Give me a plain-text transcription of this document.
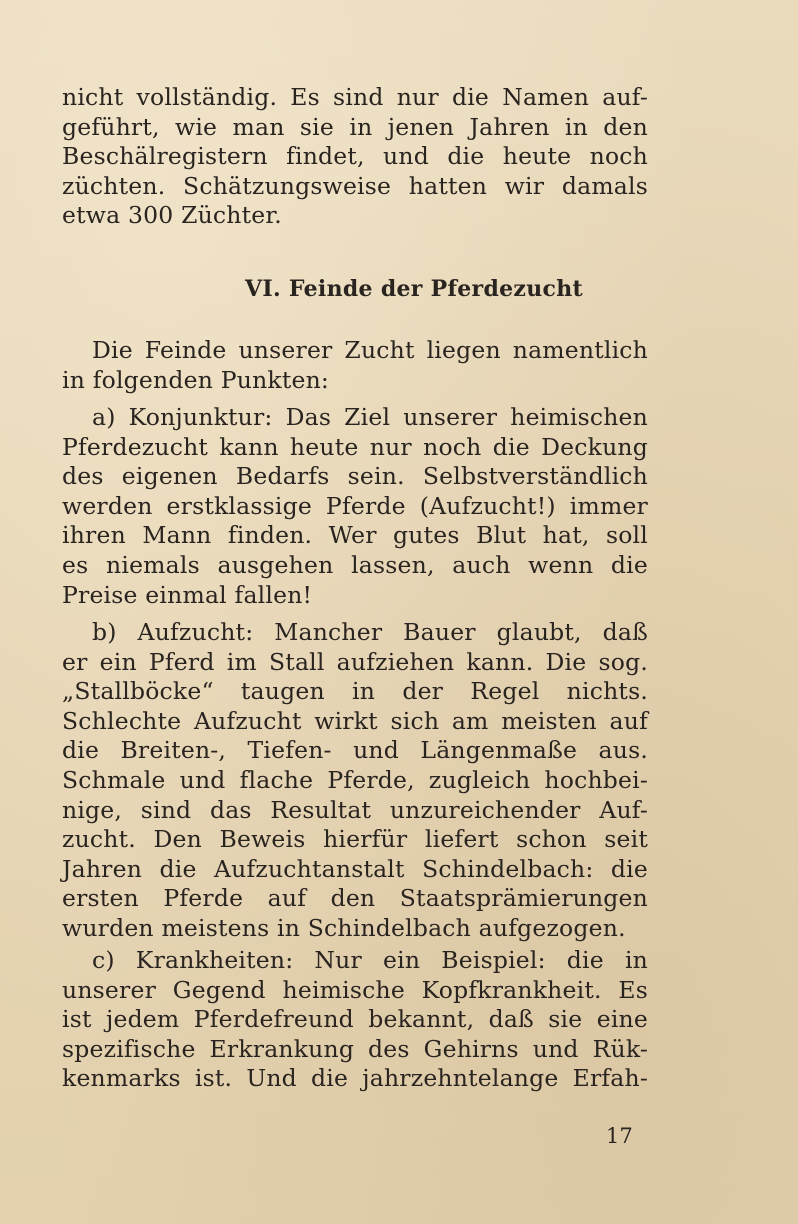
nicht vollständig. Es sind nur die Namen auf-
geführt, wie man sie in jenen Jahren in den
Beschälregistern findet, und die heute noch
züchten. Schätzungsweise hatten wir damals
etwa 300 Züchter.
VI. Feinde der Pferdezucht
Die Feinde unserer Zucht liegen namentlich
in folgenden Punkten:
a) Konjunktur: Das Ziel unserer heimischen
Pferdezucht kann heute nur noch die Deckung
des eigenen Bedarfs sein. Selbstverständlich
werden erstklassige Pferde (Aufzucht!) immer
ihren Mann finden. Wer gutes Blut hat, soll
es niemals ausgehen lassen, auch wenn die
Preise einmal fallen!
b) Aufzucht: Mancher Bauer glaubt, daß
er ein Pferd im Stall aufziehen kann. Die sog.
„Stallböcke“ taugen in der Regel nichts.
Schlechte Aufzucht wirkt sich am meisten auf
die Breiten-, Tiefen- und Längenmaße aus.
Schmale und flache Pferde, zugleich hochbei-
nige, sind das Resultat unzureichender Auf-
zucht. Den Beweis hierfür liefert schon seit
Jahren die Aufzuchtanstalt Schindelbach: die
ersten Pferde auf den Staatsprämierungen
wurden meistens in Schindelbach aufgezogen.
c) Krankheiten: Nur ein Beispiel: die in
unserer Gegend heimische Kopfkrankheit. Es
ist jedem Pferdefreund bekannt, daß sie eine
spezifische Erkrankung des Gehirns und Rük-
kenmarks ist. Und die jahrzehntelange Erfah-
17
